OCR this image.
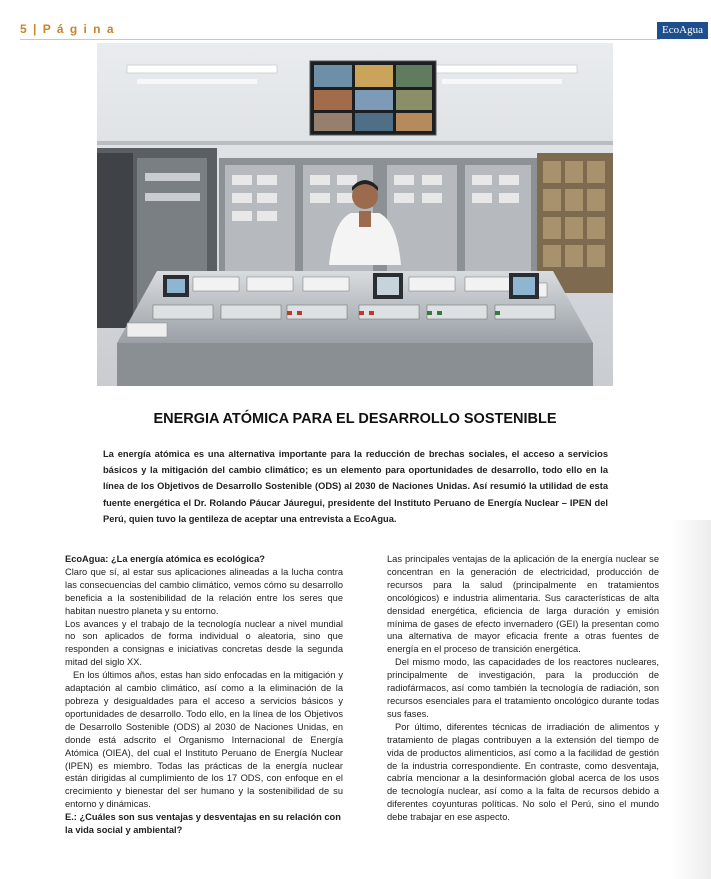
5 | P á g i n a	EcoAgua
ENERGIA ATÓMICA PARA EL DESARROLLO SOSTENIBLE
La energía atómica es una alternativa importante para la reducción de brechas sociales, el acceso a servicios básicos y la mitigación del cambio climático; es un elemento para oportunidades de desarrollo, todo ello en la línea de los Objetivos de Desarrollo Sostenible (ODS) al 2030 de Naciones Unidas. Así resumió la utilidad de esta fuente energética el Dr. Rolando Páucar Jáuregui, presidente del Instituto Peruano de Energía Nuclear – IPEN del Perú, quien tuvo la gentileza de aceptar una entrevista a EcoAgua.

EcoAgua: ¿La energía atómica es ecológica?

Claro que sí, al estar sus aplicaciones alineadas a la lucha contra las consecuencias del cambio climático, vemos cómo su desarrollo beneficia a la sostenibilidad de la relación entre los seres que habitan nuestro planeta y su entorno.

Los avances y el trabajo de la tecnología nuclear a nivel mundial no son aplicados de forma individual o aleatoria, sino que responden a consignas e iniciativas concretas desde la segunda mitad del siglo XX.

En los últimos años, estas han sido enfocadas en la mitigación y adaptación al cambio climático, así como a la eliminación de la pobreza y desigualdades para el acceso a servicios básicos y oportunidades de desarrollo. Todo ello, en la línea de los Objetivos de Desarrollo Sostenible (ODS) al 2030 de Naciones Unidas, en donde está adscrito el Organismo Internacional de Energía Atómica (OIEA), del cual el Instituto Peruano de Energía Nuclear (IPEN) es miembro. Todas las prácticas de la energía nuclear están dirigidas al cumplimiento de los 17 ODS, con enfoque en el crecimiento y bienestar del ser humano y la sostenibilidad de su entorno y dinámicas.

E.: ¿Cuáles son sus ventajas y desventajas en su relación con la vida social y ambiental?

Las principales ventajas de la aplicación de la energía nuclear se concentran en la generación de electricidad, producción de recursos para la salud (principalmente en tratamientos oncológicos) e industria alimentaria. Sus características de alta densidad energética, eficiencia de larga duración y emisión mínima de gases de efecto invernadero (GEI) la presentan como una alternativa de mayor eficacia frente a otras fuentes de energía en el proceso de transición energética.

Del mismo modo, las capacidades de los reactores nucleares, principalmente de investigación, para la producción de radiofármacos, así como también la tecnología de radiación, son recursos esenciales para el tratamiento oncológico durante todas sus fases.

Por último, diferentes técnicas de irradiación de alimentos y tratamiento de plagas contribuyen a la extensión del tiempo de vida de productos alimenticios, así como a la facilidad de gestión de la industria correspondiente. En contraste, como desventaja, cabría mencionar a la desinformación global acerca de los usos de tecnología nuclear, así como a la falta de recursos debido a diferentes coyunturas políticas. No solo el Perú, sino el mundo debe trabajar en ese aspecto.
